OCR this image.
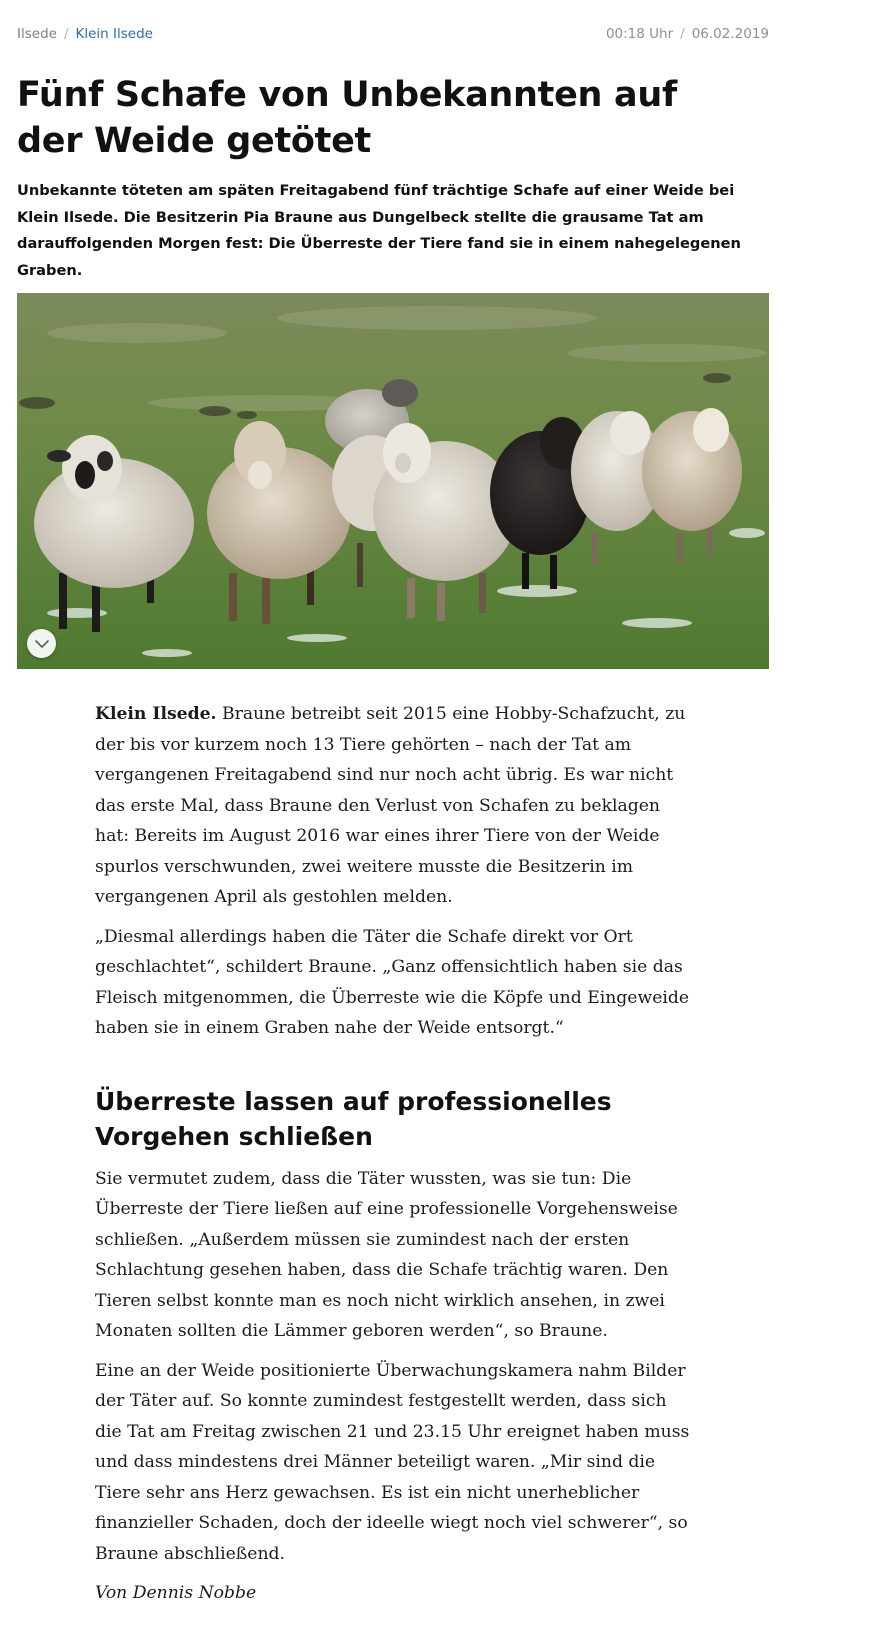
Ilsede / Klein Ilsede	00:18 Uhr / 06.02.2019
Fünf Schafe von Unbekannten auf der Weide getötet

Unbekannte töteten am späten Freitagabend fünf trächtige Schafe auf einer Weide bei Klein Ilsede. Die Besitzerin Pia Braune aus Dungelbeck stellte die grausame Tat am darauffolgenden Morgen fest: Die Überreste der Tiere fand sie in einem nahegelegenen Graben.

Klein Ilsede. Braune betreibt seit 2015 eine Hobby-Schafzucht, zu der bis vor kurzem noch 13 Tiere gehörten – nach der Tat am vergangenen Freitagabend sind nur noch acht übrig. Es war nicht das erste Mal, dass Braune den Verlust von Schafen zu beklagen hat: Bereits im August 2016 war eines ihrer Tiere von der Weide spurlos verschwunden, zwei weitere musste die Besitzerin im vergangenen April als gestohlen melden.

„Diesmal allerdings haben die Täter die Schafe direkt vor Ort geschlachtet“, schildert Braune. „Ganz offensichtlich haben sie das Fleisch mitgenommen, die Überreste wie die Köpfe und Eingeweide haben sie in einem Graben nahe der Weide entsorgt.“

Überreste lassen auf professionelles Vorgehen schließen

Sie vermutet zudem, dass die Täter wussten, was sie tun: Die Überreste der Tiere ließen auf eine professionelle Vorgehensweise schließen. „Außerdem müssen sie zumindest nach der ersten Schlachtung gesehen haben, dass die Schafe trächtig waren. Den Tieren selbst konnte man es noch nicht wirklich ansehen, in zwei Monaten sollten die Lämmer geboren werden“, so Braune.

Eine an der Weide positionierte Überwachungskamera nahm Bilder der Täter auf. So konnte zumindest festgestellt werden, dass sich die Tat am Freitag zwischen 21 und 23.15 Uhr ereignet haben muss und dass mindestens drei Männer beteiligt waren. „Mir sind die Tiere sehr ans Herz gewachsen. Es ist ein nicht unerheblicher finanzieller Schaden, doch der ideelle wiegt noch viel schwerer“, so Braune abschließend.

Von Dennis Nobbe
